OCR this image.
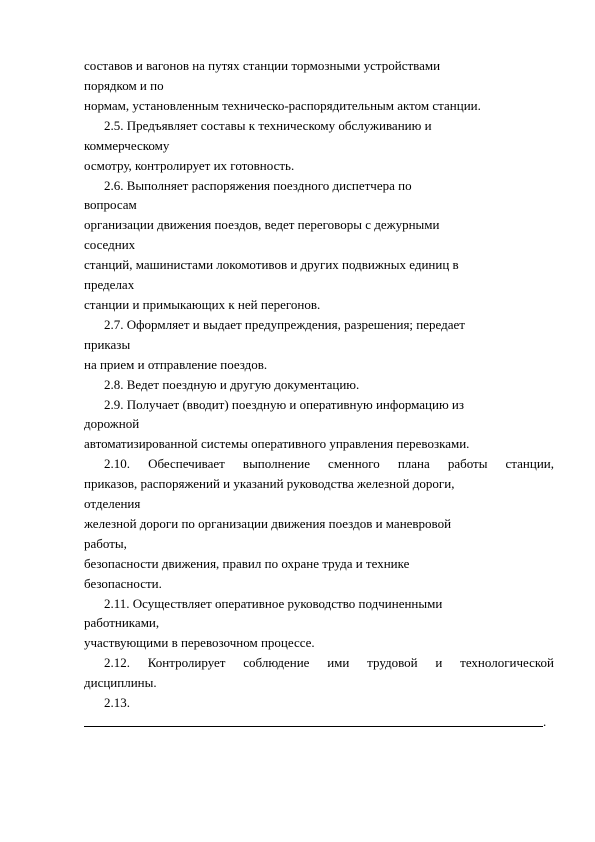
составов и вагонов на путях станции тормозными устройствами
порядком и по
нормам, установленным техническо-распорядительным актом станции.
2.5. Предъявляет составы к техническому обслуживанию и
коммерческому
осмотру, контролирует их готовность.
2.6. Выполняет распоряжения поездного диспетчера по
вопросам
организации движения поездов, ведет переговоры с дежурными
соседних
станций, машинистами локомотивов и других подвижных единиц в
пределах
станции и примыкающих к ней перегонов.
2.7. Оформляет и выдает предупреждения, разрешения; передает
приказы
на прием и отправление поездов.
2.8. Ведет поездную и другую документацию.
2.9. Получает (вводит) поездную и оперативную информацию из
дорожной
автоматизированной системы оперативного управления перевозками.
2.10. Обеспечивает выполнение сменного плана работы станции,
приказов, распоряжений и указаний руководства железной дороги,
отделения
железной дороги по организации движения поездов и маневровой
работы,
безопасности движения, правил по охране труда и технике
безопасности.
2.11. Осуществляет оперативное руководство подчиненными
работниками,
участвующими в перевозочном процессе.
2.12. Контролирует соблюдение ими трудовой и технологической
дисциплины.
2.13.
.
